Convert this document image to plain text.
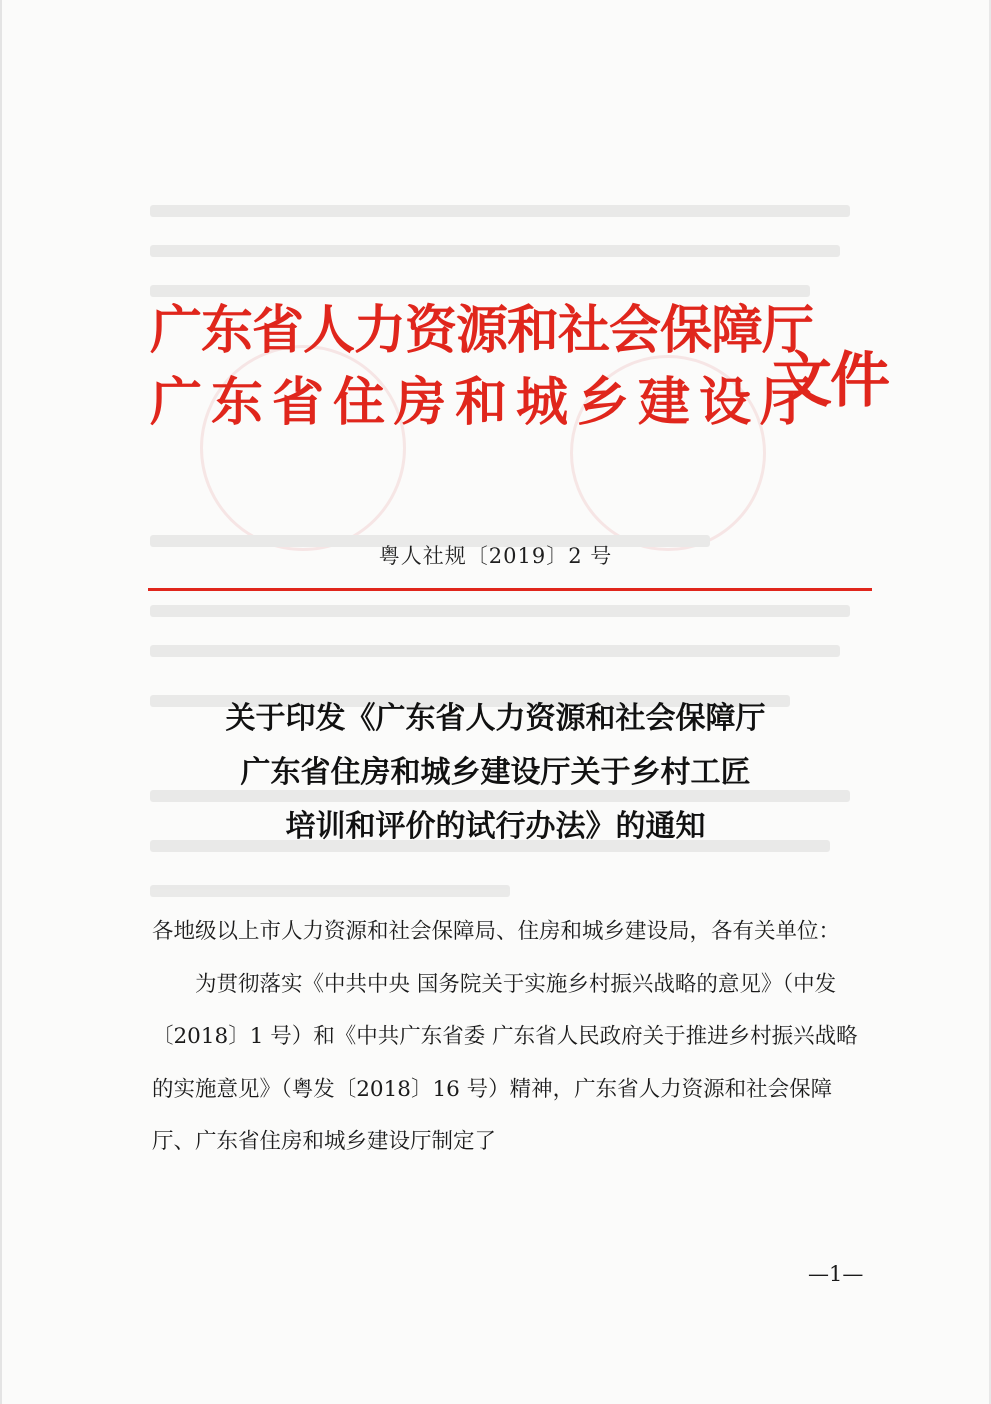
广东省人力资源和社会保障厅
广东省住房和城乡建设厅
文件
粤人社规〔2019〕2 号
关于印发《广东省人力资源和社会保障厅
广东省住房和城乡建设厅关于乡村工匠
培训和评价的试行办法》的通知

各地级以上市人力资源和社会保障局、住房和城乡建设局，各有关单位：

为贯彻落实《中共中央 国务院关于实施乡村振兴战略的意见》（中发〔2018〕1 号）和《中共广东省委 广东省人民政府关于推进乡村振兴战略的实施意见》（粤发〔2018〕16 号）精神，广东省人力资源和社会保障厅、广东省住房和城乡建设厅制定了

—1—
